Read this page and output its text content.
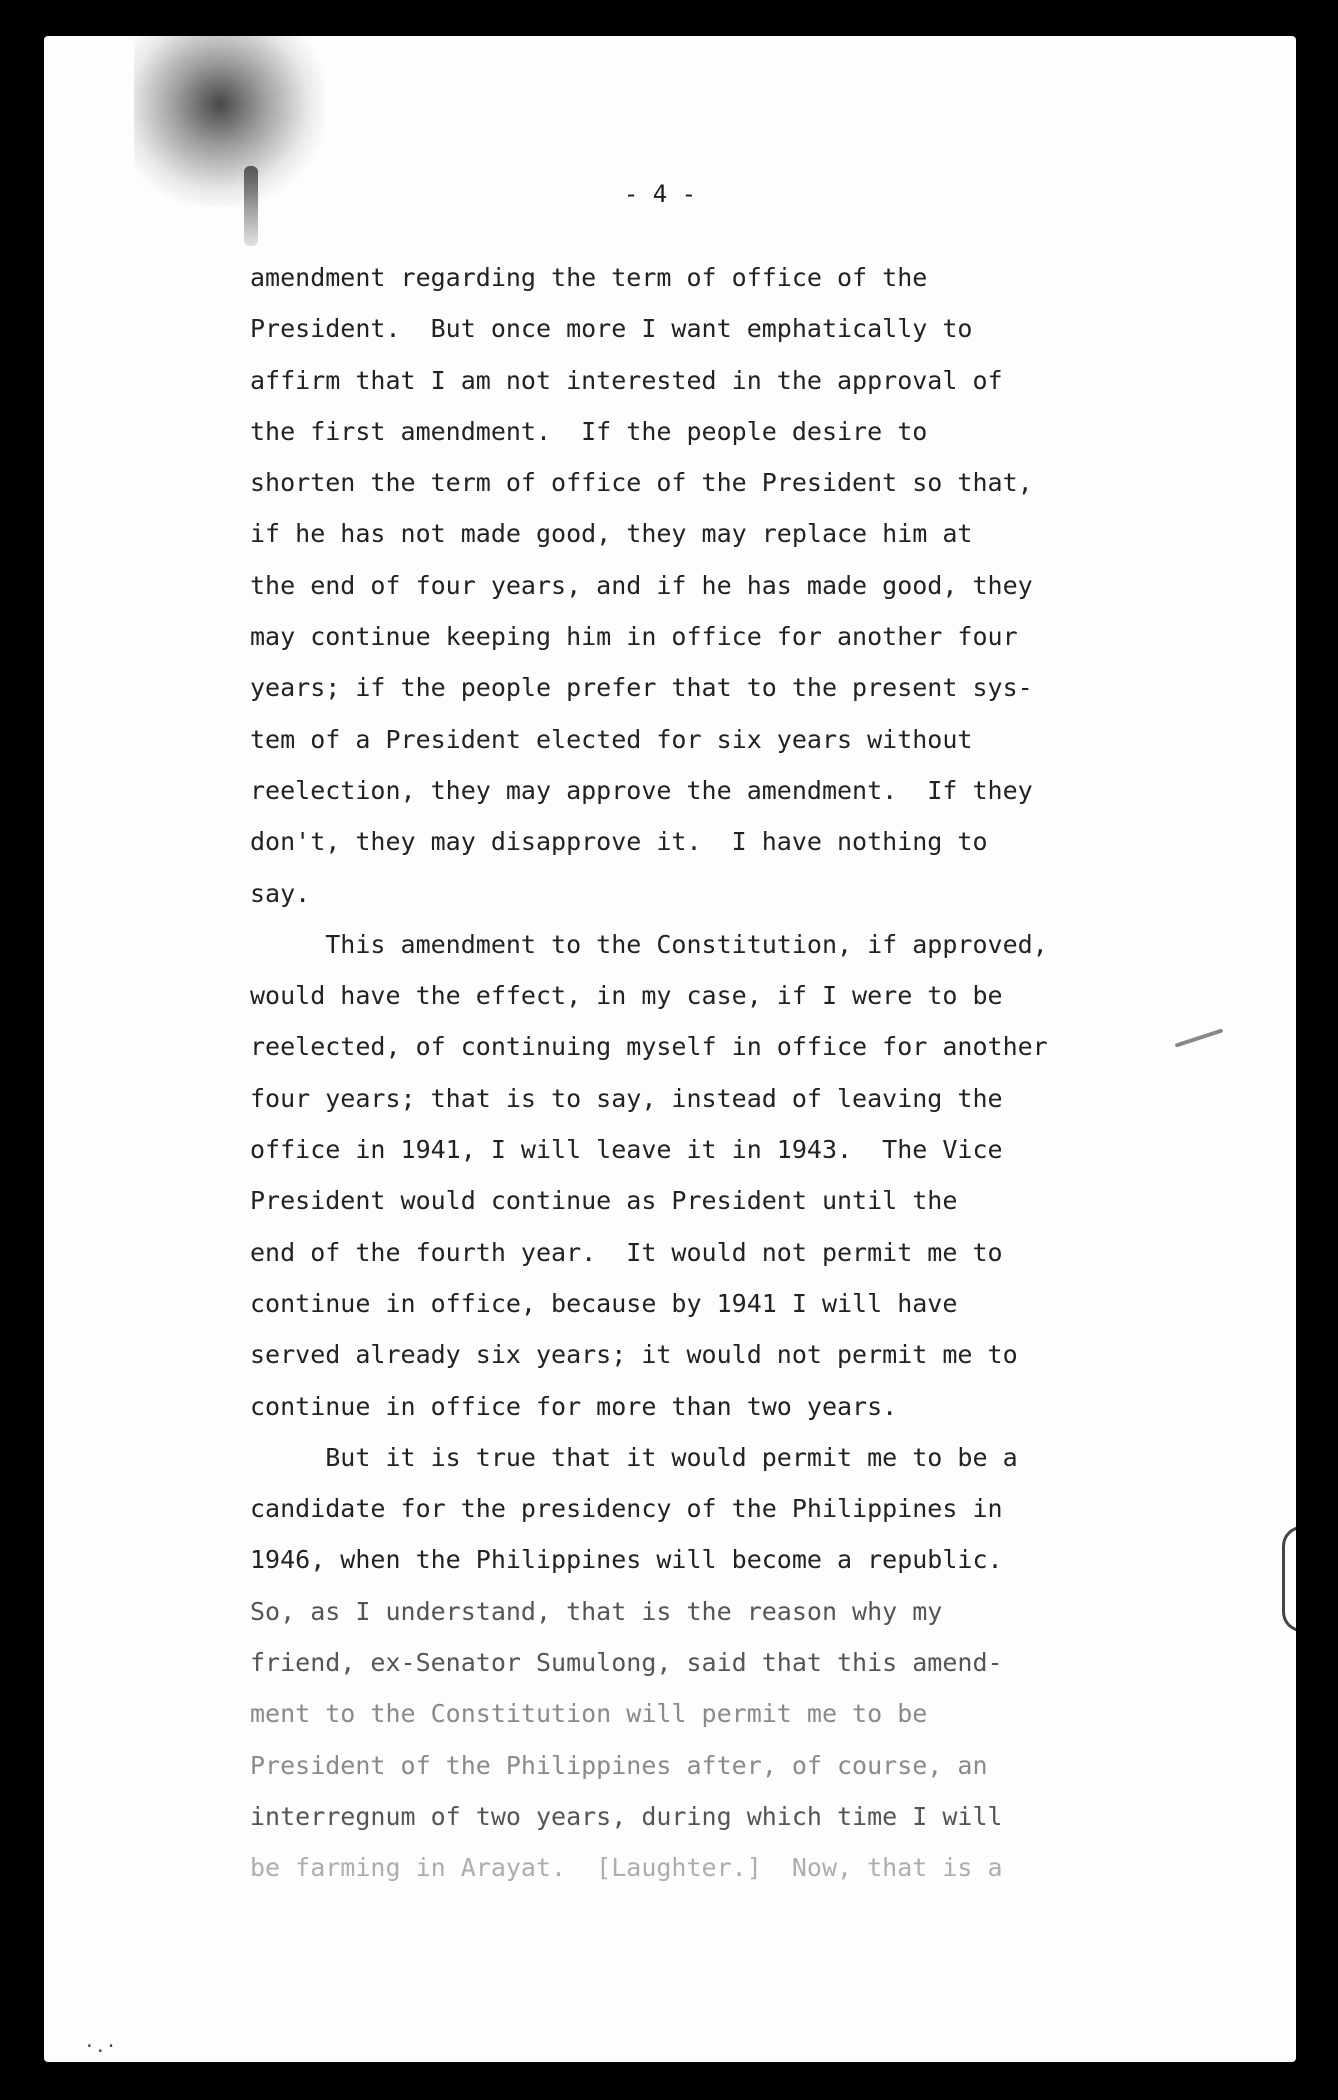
·.·
- 4 -
amendment regarding the term of office of the
President.  But once more I want emphatically to
affirm that I am not interested in the approval of
the first amendment.  If the people desire to
shorten the term of office of the President so that,
if he has not made good, they may replace him at
the end of four years, and if he has made good, they
may continue keeping him in office for another four
years; if the people prefer that to the present sys-
tem of a President elected for six years without
reelection, they may approve the amendment.  If they
don't, they may disapprove it.  I have nothing to
say.
This amendment to the Constitution, if approved,
would have the effect, in my case, if I were to be
reelected, of continuing myself in office for another
four years; that is to say, instead of leaving the
office in 1941, I will leave it in 1943.  The Vice
President would continue as President until the
end of the fourth year.  It would not permit me to
continue in office, because by 1941 I will have
served already six years; it would not permit me to
continue in office for more than two years.
But it is true that it would permit me to be a
candidate for the presidency of the Philippines in
1946, when the Philippines will become a republic.
So, as I understand, that is the reason why my
friend, ex-Senator Sumulong, said that this amend-
ment to the Constitution will permit me to be
President of the Philippines after, of course, an
interregnum of two years, during which time I will
be farming in Arayat.  [Laughter.]  Now, that is a
